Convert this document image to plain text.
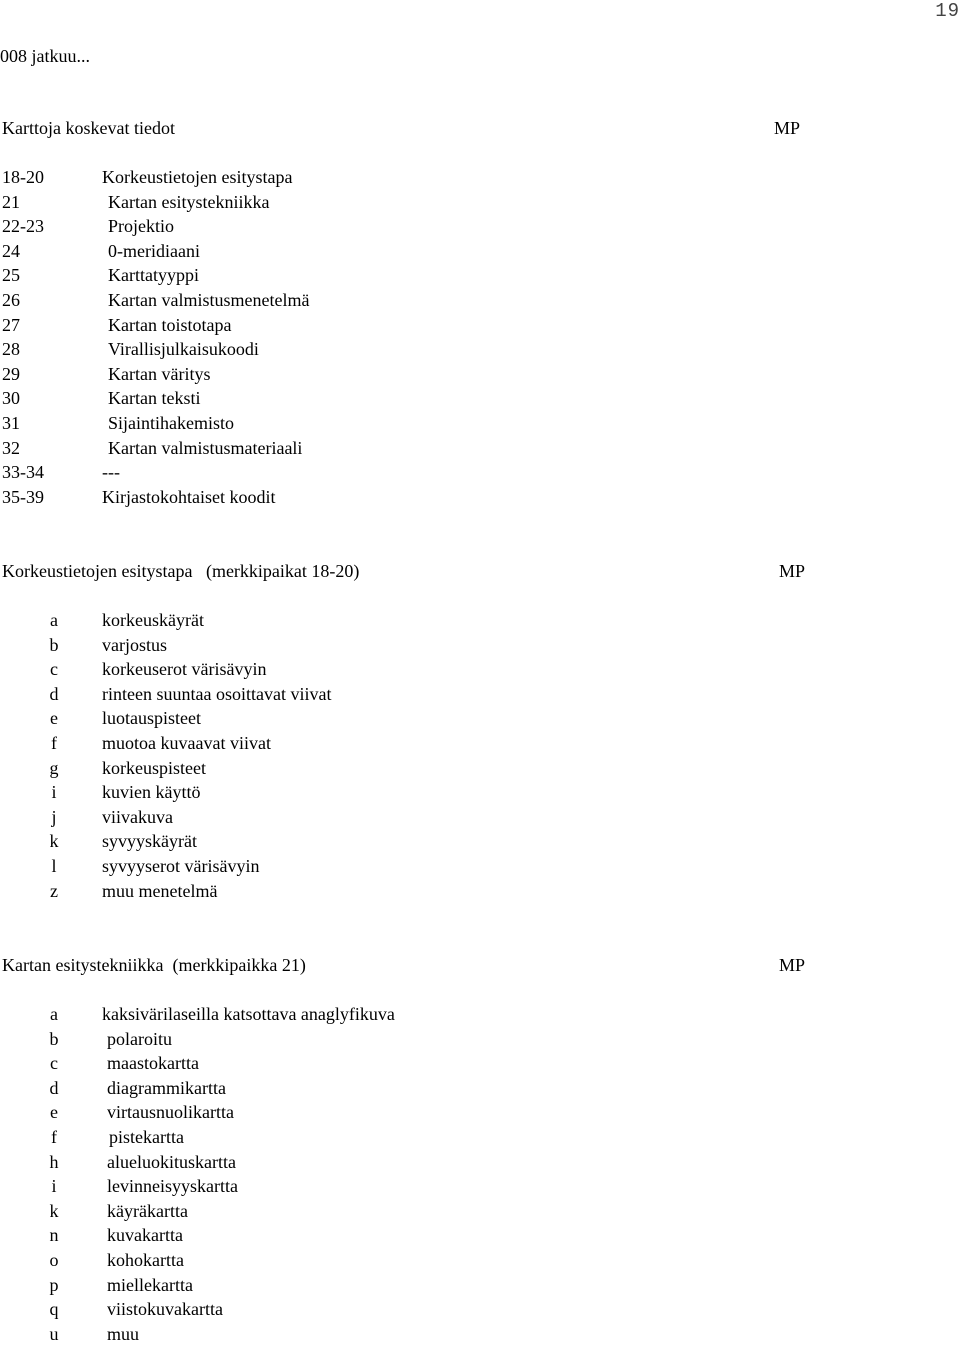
19
008 jatkuu...
Karttoja koskevat tiedot	MP
18-20	Korkeustietojen esitystapa
21	Kartan esitystekniikka
22-23	Projektio
24	0-meridiaani
25	Karttatyyppi
26	Kartan valmistusmenetelmä
27	Kartan toistotapa
28	Virallisjulkaisukoodi
29	Kartan väritys
30	Kartan teksti
31	Sijaintihakemisto
32	Kartan valmistusmateriaali
33-34	---
35-39	Kirjastokohtaiset koodit
Korkeustietojen esitystapa   (merkkipaikat 18-20)	MP
a	korkeuskäyrät
b	varjostus
c	korkeuserot värisävyin
d	rinteen suuntaa osoittavat viivat
e	luotauspisteet
f	muotoa kuvaavat viivat
g	korkeuspisteet
i	kuvien käyttö
j	viivakuva
k	syvyyskäyrät
l	syvyyserot värisävyin
z	muu menetelmä
Kartan esitystekniikka  (merkkipaikka 21)	MP
a	kaksivärilaseilla katsottava anaglyfikuva
b	polaroitu
c	maastokartta
d	diagrammikartta
e	virtausnuolikartta
f	pistekartta
h	alueluokituskartta
i	levinneisyyskartta
k	käyräkartta
n	kuvakartta
o	kohokartta
p	miellekartta
q	viistokuvakartta
u	muu
